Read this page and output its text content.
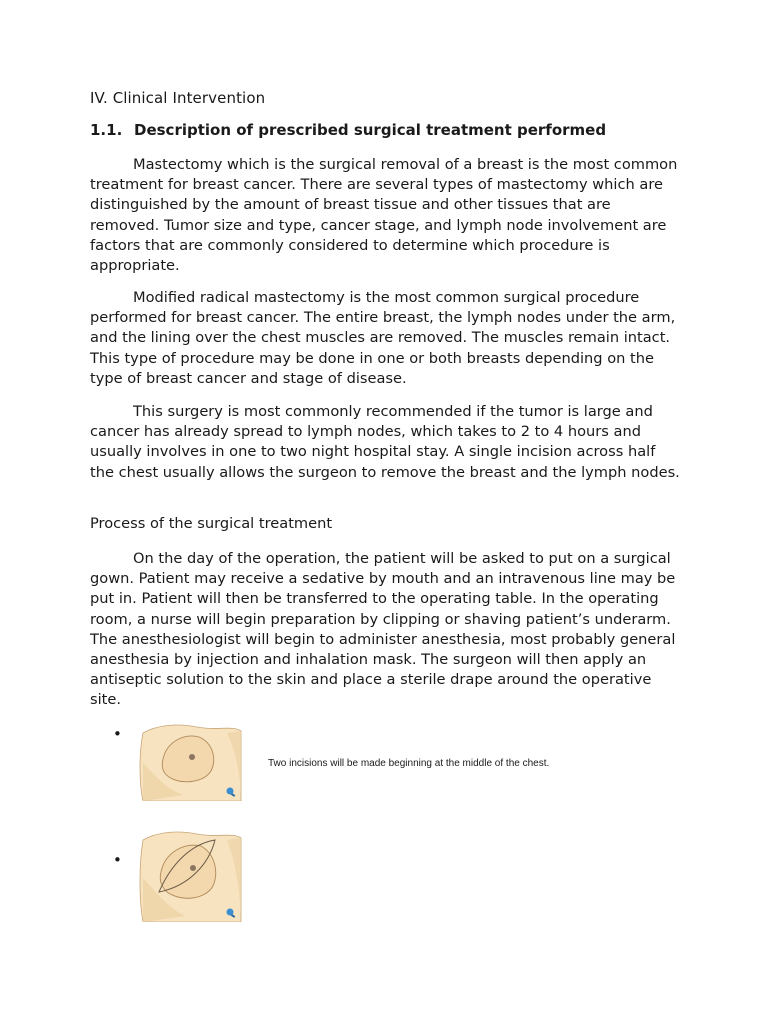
IV. Clinical Intervention
1.1. Description of prescribed surgical treatment performed

Mastectomy which is the surgical removal of a breast is the most common treatment for breast cancer. There are several types of mastectomy which are distinguished by the amount of breast tissue and other tissues that are removed. Tumor size and type, cancer stage, and lymph node involvement are factors that are commonly considered to determine which procedure is appropriate.

Modified radical mastectomy is the most common surgical procedure performed for breast cancer. The entire breast, the lymph nodes under the arm, and the lining over the chest muscles are removed. The muscles remain intact. This type of procedure may be done in one or both breasts depending on the type of breast cancer and stage of disease.

This surgery is most commonly recommended if the tumor is large and cancer has already spread to lymph nodes, which takes to 2 to 4 hours and usually involves in one to two night hospital stay. A single incision across half the chest usually allows the surgeon to remove the breast and the lymph nodes.

Process of the surgical treatment

On the day of the operation, the patient will be asked to put on a surgical gown. Patient may receive a sedative by mouth and an intravenous line may be put in. Patient will then be transferred to the operating table. In the operating room, a nurse will begin preparation by clipping or shaving patient’s underarm. The anesthesiologist will begin to administer anesthesia, most probably general anesthesia by injection and inhalation mask. The surgeon will then apply an antiseptic solution to the skin and place a sterile drape around the operative site.

•

Two incisions will be made beginning at the middle of the chest.

•
